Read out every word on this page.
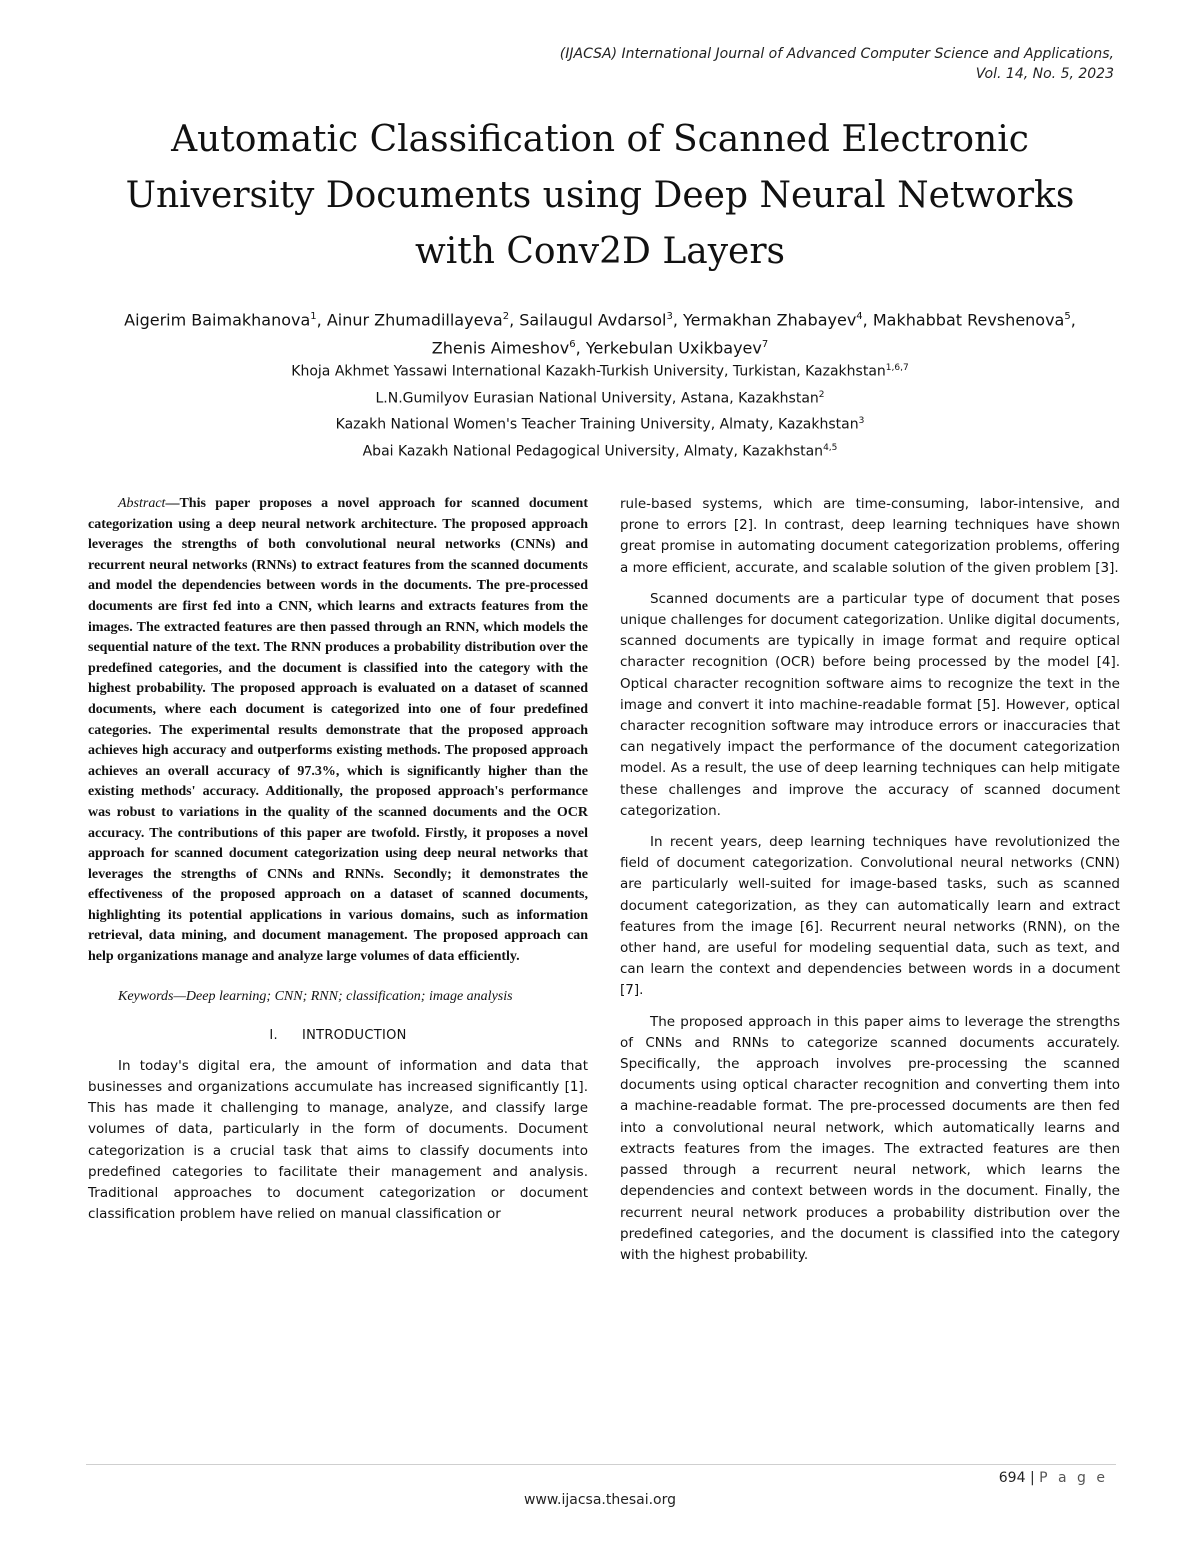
(IJACSA) International Journal of Advanced Computer Science and Applications,
Vol. 14, No. 5, 2023
Automatic Classification of Scanned Electronic
University Documents using Deep Neural Networks
with Conv2D Layers
Aigerim Baimakhanova$^1$, Ainur Zhumadillayeva$^2$, Sailaugul Avdarsol$^3$, Yermakhan Zhabayev$^4$, Makhabbat Revshenova$^5$, Zhenis Aimeshov$^6$, Yerkebulan Uxikbayev$^7$
Khoja Akhmet Yassawi International Kazakh-Turkish University, Turkistan, Kazakhstan$^{1,6,7}$
L.N.Gumilyov Eurasian National University, Astana, Kazakhstan$^2$
Kazakh National Women's Teacher Training University, Almaty, Kazakhstan$^3$
Abai Kazakh National Pedagogical University, Almaty, Kazakhstan$^{4,5}$

Abstract—This paper proposes a novel approach for scanned document categorization using a deep neural network architecture. The proposed approach leverages the strengths of both convolutional neural networks (CNNs) and recurrent neural networks (RNNs) to extract features from the scanned documents and model the dependencies between words in the documents. The pre-processed documents are first fed into a CNN, which learns and extracts features from the images. The extracted features are then passed through an RNN, which models the sequential nature of the text. The RNN produces a probability distribution over the predefined categories, and the document is classified into the category with the highest probability. The proposed approach is evaluated on a dataset of scanned documents, where each document is categorized into one of four predefined categories. The experimental results demonstrate that the proposed approach achieves high accuracy and outperforms existing methods. The proposed approach achieves an overall accuracy of 97.3%, which is significantly higher than the existing methods' accuracy. Additionally, the proposed approach's performance was robust to variations in the quality of the scanned documents and the OCR accuracy. The contributions of this paper are twofold. Firstly, it proposes a novel approach for scanned document categorization using deep neural networks that leverages the strengths of CNNs and RNNs. Secondly; it demonstrates the effectiveness of the proposed approach on a dataset of scanned documents, highlighting its potential applications in various domains, such as information retrieval, data mining, and document management. The proposed approach can help organizations manage and analyze large volumes of data efficiently.

Keywords—Deep learning; CNN; RNN; classification; image analysis

I. INTRODUCTION

In today's digital era, the amount of information and data that businesses and organizations accumulate has increased significantly [1]. This has made it challenging to manage, analyze, and classify large volumes of data, particularly in the form of documents. Document categorization is a crucial task that aims to classify documents into predefined categories to facilitate their management and analysis. Traditional approaches to document categorization or document classification problem have relied on manual classification or

rule-based systems, which are time-consuming, labor-intensive, and prone to errors [2]. In contrast, deep learning techniques have shown great promise in automating document categorization problems, offering a more efficient, accurate, and scalable solution of the given problem [3].

Scanned documents are a particular type of document that poses unique challenges for document categorization. Unlike digital documents, scanned documents are typically in image format and require optical character recognition (OCR) before being processed by the model [4]. Optical character recognition software aims to recognize the text in the image and convert it into machine-readable format [5]. However, optical character recognition software may introduce errors or inaccuracies that can negatively impact the performance of the document categorization model. As a result, the use of deep learning techniques can help mitigate these challenges and improve the accuracy of scanned document categorization.

In recent years, deep learning techniques have revolutionized the field of document categorization. Convolutional neural networks (CNN) are particularly well-suited for image-based tasks, such as scanned document categorization, as they can automatically learn and extract features from the image [6]. Recurrent neural networks (RNN), on the other hand, are useful for modeling sequential data, such as text, and can learn the context and dependencies between words in a document [7].

The proposed approach in this paper aims to leverage the strengths of CNNs and RNNs to categorize scanned documents accurately. Specifically, the approach involves pre-processing the scanned documents using optical character recognition and converting them into a machine-readable format. The pre-processed documents are then fed into a convolutional neural network, which automatically learns and extracts features from the images. The extracted features are then passed through a recurrent neural network, which learns the dependencies and context between words in the document. Finally, the recurrent neural network produces a probability distribution over the predefined categories, and the document is classified into the category with the highest probability.

694 | P a g e
www.ijacsa.thesai.org
